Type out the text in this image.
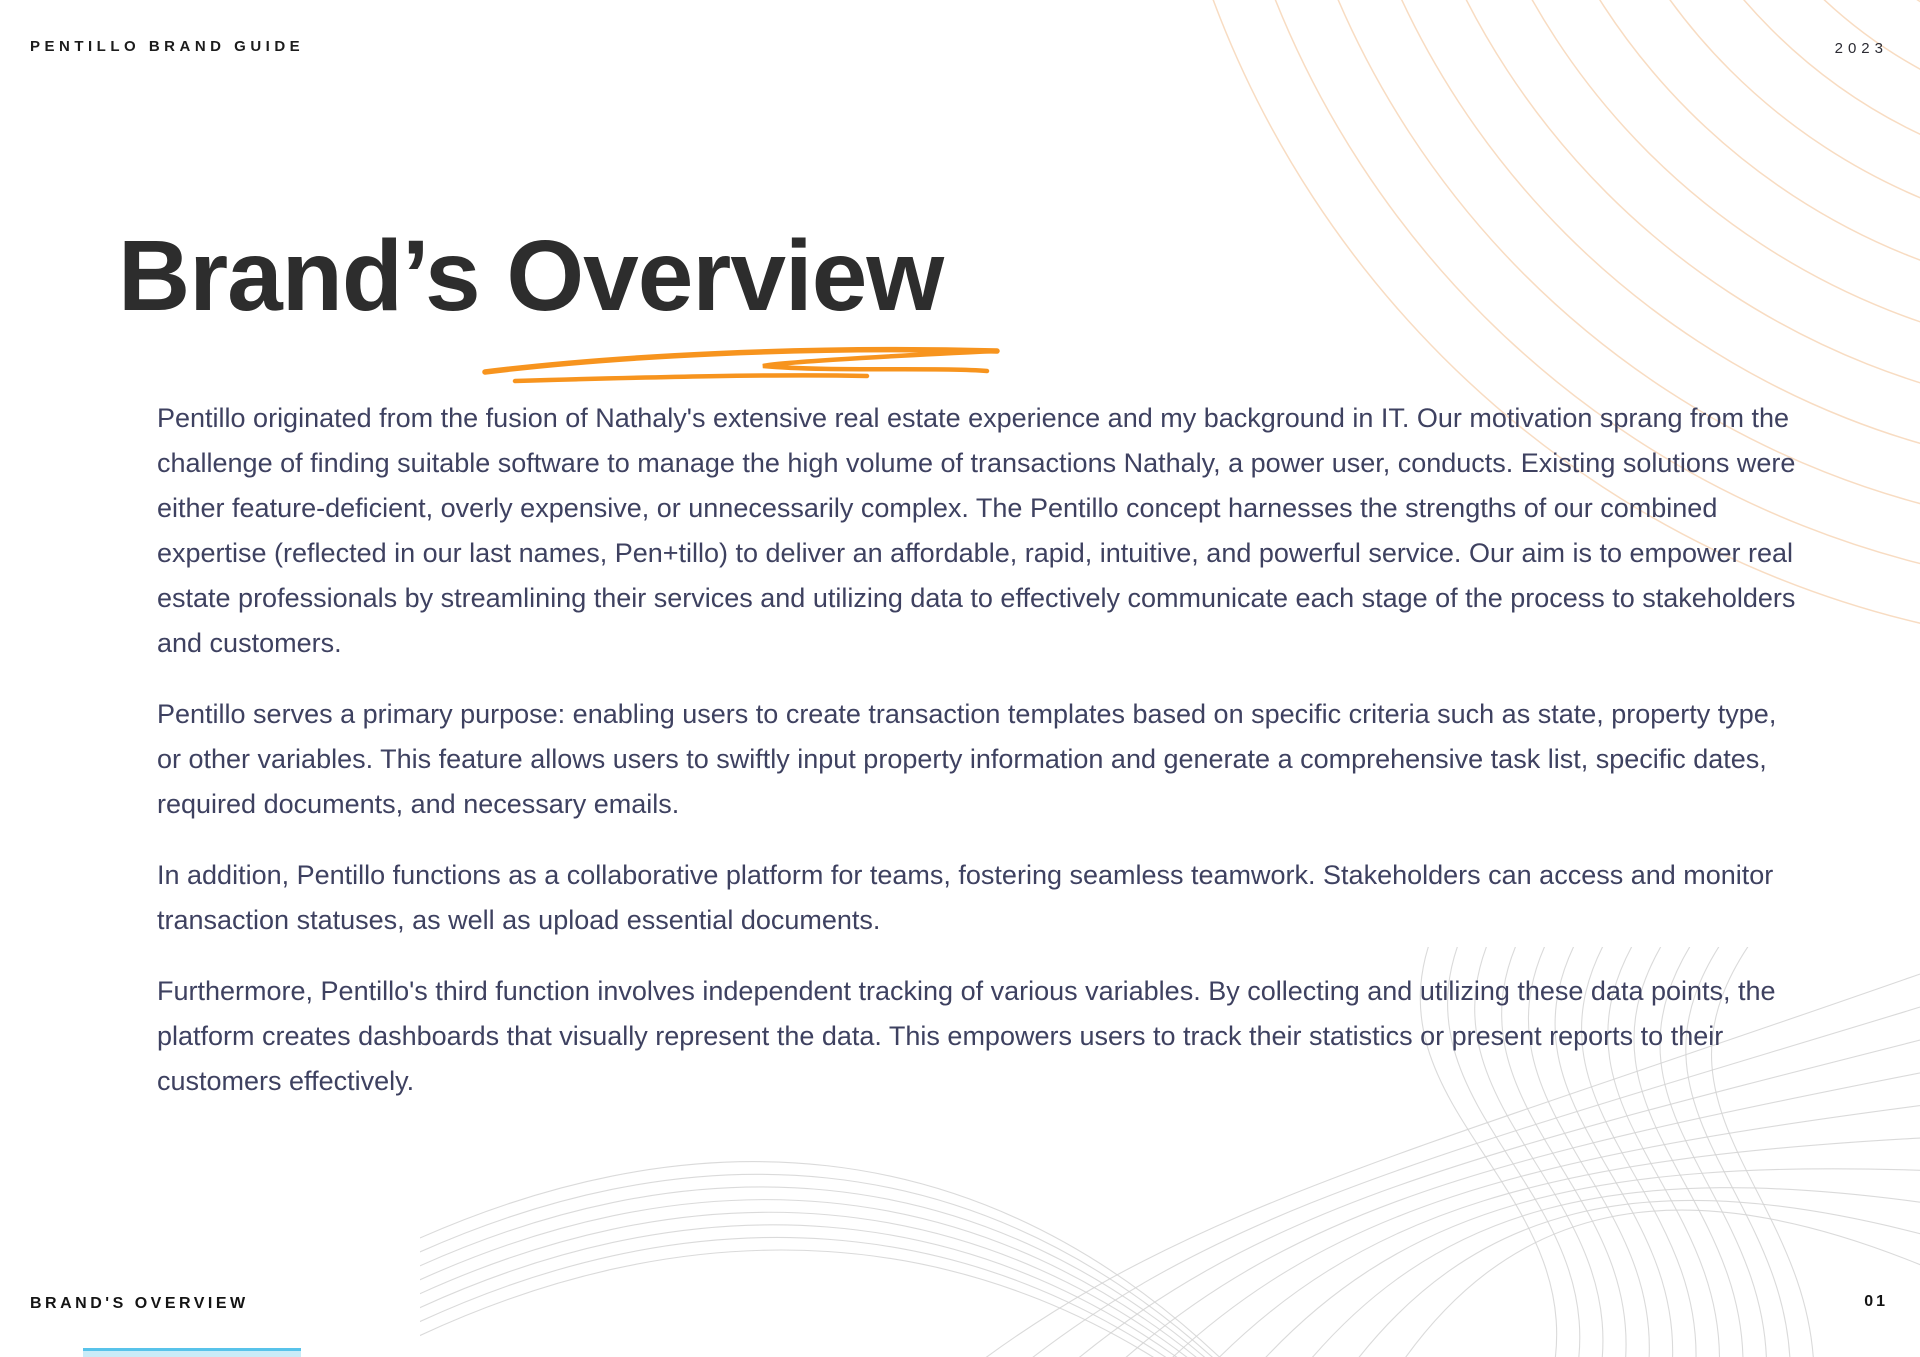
PENTILLO BRAND GUIDE	2023
Brand’s Overview

Pentillo originated from the fusion of Nathaly's extensive real estate experience and my background in IT. Our motivation sprang from the challenge of finding suitable software to manage the high volume of transactions Nathaly, a power user, conducts. Existing solutions were either feature-deficient, overly expensive, or unnecessarily complex. The Pentillo concept harnesses the strengths of our combined expertise (reflected in our last names, Pen+tillo) to deliver an affordable, rapid, intuitive, and powerful service. Our aim is to empower real estate professionals by streamlining their services and utilizing data to effectively communicate each stage of the process to stakeholders and customers.

Pentillo serves a primary purpose: enabling users to create transaction templates based on specific criteria such as state, property type, or other variables. This feature allows users to swiftly input property information and generate a comprehensive task list, specific dates, required documents, and necessary emails.

In addition, Pentillo functions as a collaborative platform for teams, fostering seamless teamwork. Stakeholders can access and monitor transaction statuses, as well as upload essential documents.

Furthermore, Pentillo's third function involves independent tracking of various variables. By collecting and utilizing these data points, the platform creates dashboards that visually represent the data. This empowers users to track their statistics or present reports to their customers effectively.

BRAND'S OVERVIEW	01
